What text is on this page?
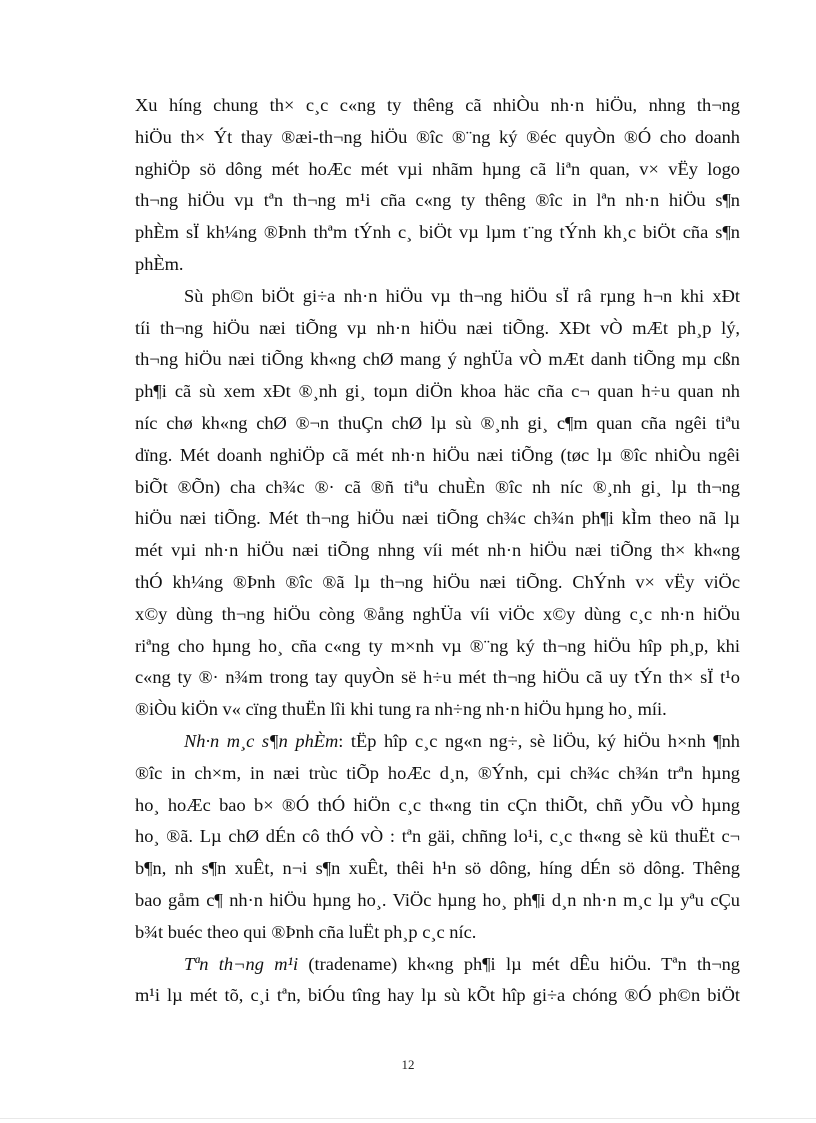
Xu híng chung th× c¸c c«ng ty thêng cã nhiÒu nh·n hiÖu, nhng th¬ng
hiÖu th× Ýt thay ®æi-th¬ng hiÖu ®îc ®¨ng ký ®éc quyÒn ®Ó cho doanh
nghiÖp sö dông mét hoÆc mét vµi nhãm hµng cã liªn quan, v× vËy logo
th¬ng hiÖu vµ tªn th¬ng m¹i cña c«ng ty thêng ®îc in lªn nh·n hiÖu s¶n
phÈm sÏ kh¼ng ®Þnh thªm tÝnh c¸ biÖt vµ lµm t¨ng tÝnh kh¸c biÖt cña s¶n
phÈm.

Sù ph©n biÖt gi÷a nh·n hiÖu vµ th¬ng hiÖu sÏ râ rµng h¬n khi xÐt
tíi th¬ng hiÖu næi tiÕng vµ nh·n hiÖu næi tiÕng. XÐt vÒ mÆt ph¸p lý,
th¬ng hiÖu næi tiÕng kh«ng chØ mang ý nghÜa vÒ mÆt danh tiÕng mµ cßn
ph¶i cã sù xem xÐt ®¸nh gi¸ toµn diÖn khoa häc cña c¬ quan h÷u quan nh
níc chø kh«ng chØ ®¬n thuÇn chØ lµ sù ®¸nh gi¸ c¶m quan cña ngêi tiªu
dïng. Mét doanh nghiÖp cã mét nh·n hiÖu næi tiÕng (tøc lµ ®îc nhiÒu ngêi
biÕt ®Õn) cha ch¾c ®· cã ®ñ tiªu chuÈn ®îc nh níc ®¸nh gi¸ lµ th¬ng
hiÖu næi tiÕng. Mét th¬ng hiÖu næi tiÕng ch¾c ch¾n ph¶i kÌm theo nã lµ
mét vµi nh·n hiÖu næi tiÕng nhng víi mét nh·n hiÖu næi tiÕng th× kh«ng
thÓ kh¼ng ®Þnh ®îc ®ã lµ th¬ng hiÖu næi tiÕng. ChÝnh v× vËy viÖc
x©y dùng th¬ng hiÖu còng ®ång nghÜa víi viÖc x©y dùng c¸c nh·n hiÖu
riªng cho hµng ho¸ cña c«ng ty m×nh vµ ®¨ng ký th¬ng hiÖu hîp ph¸p, khi
c«ng ty ®· n¾m trong tay quyÒn së h÷u mét th¬ng hiÖu cã uy tÝn th× sÏ t¹o
®iÒu kiÖn v« cïng thuËn lîi khi tung ra nh÷ng nh·n hiÖu hµng ho¸ míi.

Nh·n m¸c s¶n phÈm: tËp hîp c¸c ng«n ng÷, sè liÖu, ký hiÖu h×nh ¶nh
®îc in ch×m, in næi trùc tiÕp hoÆc d¸n, ®Ýnh, cµi ch¾c ch¾n trªn hµng
ho¸ hoÆc bao b× ®Ó thÓ hiÖn c¸c th«ng tin cÇn thiÕt, chñ yÕu vÒ hµng
ho¸ ®ã. Lµ chØ dÉn cô thÓ vÒ : tªn gäi, chñng lo¹i, c¸c th«ng sè kü thuËt c¬
b¶n, nh s¶n xuÊt, n¬i s¶n xuÊt, thêi h¹n sö dông, híng dÉn sö dông. Thêng
bao gåm c¶ nh·n hiÖu hµng ho¸. ViÖc hµng ho¸ ph¶i d¸n nh·n m¸c lµ yªu cÇu
b¾t buéc theo qui ®Þnh cña luËt ph¸p c¸c níc.

Tªn th¬ng m¹i (tradename) kh«ng ph¶i lµ mét dÊu hiÖu. Tªn th¬ng
m¹i lµ mét tõ, c¸i tªn, biÓu tîng hay lµ sù kÕt hîp gi÷a chóng ®Ó ph©n biÖt

12
